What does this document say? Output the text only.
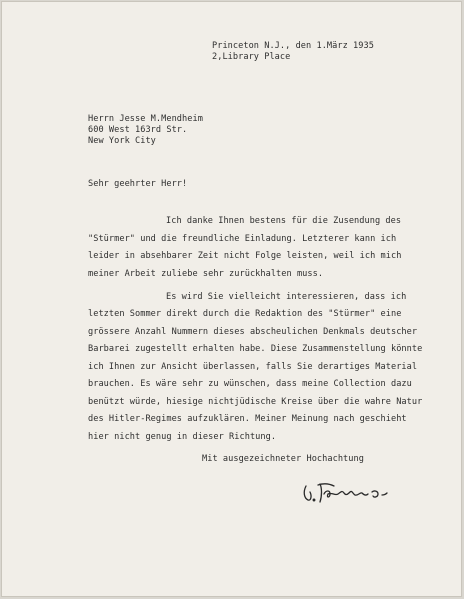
Princeton N.J., den 1.März 1935
2,Library Place
Herrn Jesse M.Mendheim
600 West 163rd Str.
New York City
Sehr geehrter Herr!
Ich danke Ihnen bestens für die Zusendung des
"Stürmer" und die freundliche Einladung. Letzterer kann ich
leider in absehbarer Zeit nicht Folge leisten, weil ich mich
meiner Arbeit zuliebe sehr zurückhalten muss.
Es wird Sie vielleicht interessieren, dass ich
letzten Sommer direkt durch die Redaktion des "Stürmer" eine
grössere Anzahl Nummern dieses abscheulichen Denkmals deutscher
Barbarei zugestellt erhalten habe. Diese Zusammenstellung könnte
ich Ihnen zur Ansicht überlassen, falls Sie derartiges Material
brauchen. Es wäre sehr zu wünschen, dass meine Collection dazu
benützt würde, hiesige nichtjüdische Kreise über die wahre Natur
des Hitler-Regimes aufzuklären. Meiner Meinung nach geschieht
hier nicht genug in dieser Richtung.
Mit ausgezeichneter Hochachtung
